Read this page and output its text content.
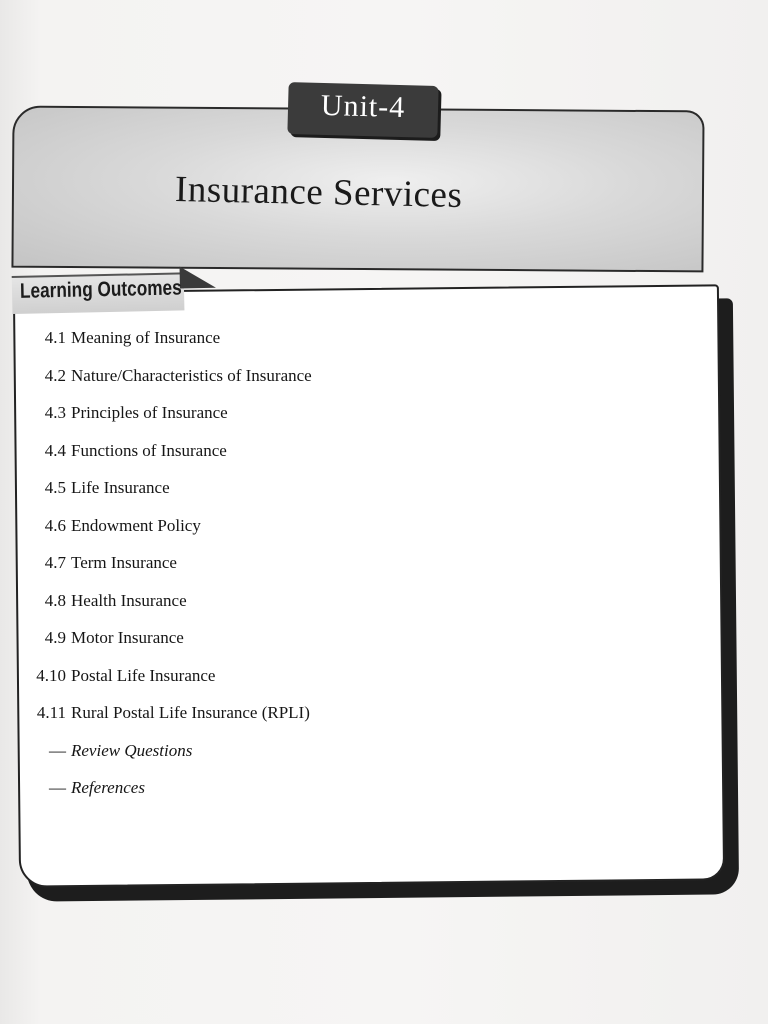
Unit-4
Insurance Services
Learning Outcomes
4.1 Meaning of Insurance
4.2 Nature/Characteristics of Insurance
4.3 Principles of Insurance
4.4 Functions of Insurance
4.5 Life Insurance
4.6 Endowment Policy
4.7 Term Insurance
4.8 Health Insurance
4.9 Motor Insurance
4.10 Postal Life Insurance
4.11 Rural Postal Life Insurance (RPLI)
— Review Questions
— References
